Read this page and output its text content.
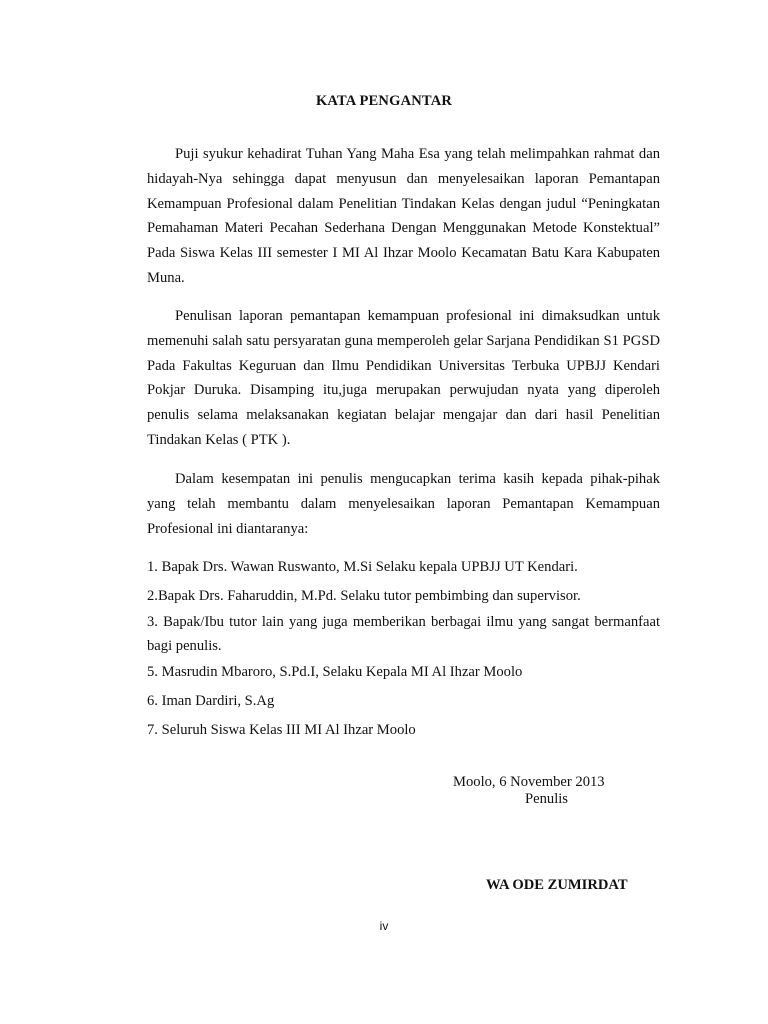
KATA PENGANTAR

Puji syukur kehadirat Tuhan Yang Maha Esa yang telah melimpahkan rahmat dan hidayah-Nya sehingga dapat menyusun dan menyelesaikan laporan Pemantapan Kemampuan Profesional dalam Penelitian Tindakan Kelas dengan judul “Peningkatan Pemahaman Materi Pecahan Sederhana Dengan Menggunakan Metode Konstektual” Pada Siswa Kelas III semester I MI Al Ihzar Moolo Kecamatan Batu Kara Kabupaten Muna.

Penulisan laporan pemantapan kemampuan profesional ini dimaksudkan untuk memenuhi salah satu persyaratan guna memperoleh gelar Sarjana Pendidikan S1 PGSD Pada Fakultas Keguruan dan Ilmu Pendidikan Universitas Terbuka UPBJJ Kendari Pokjar Duruka. Disamping itu,juga merupakan perwujudan nyata yang diperoleh penulis selama melaksanakan kegiatan belajar mengajar dan dari hasil Penelitian Tindakan Kelas ( PTK ).

Dalam kesempatan ini penulis mengucapkan terima kasih kepada pihak-pihak yang telah membantu dalam menyelesaikan laporan Pemantapan Kemampuan Profesional ini diantaranya:

1. Bapak Drs. Wawan Ruswanto, M.Si Selaku kepala UPBJJ UT Kendari.
2.Bapak Drs. Faharuddin, M.Pd. Selaku tutor pembimbing dan supervisor.
3. Bapak/Ibu tutor lain yang juga memberikan berbagai ilmu yang sangat bermanfaat bagi penulis.
5. Masrudin Mbaroro, S.Pd.I, Selaku Kepala MI Al Ihzar Moolo
6. Iman Dardiri, S.Ag
7. Seluruh Siswa Kelas III MI Al Ihzar Moolo
Moolo, 6 November 2013
Penulis
WA ODE ZUMIRDAT
iv
